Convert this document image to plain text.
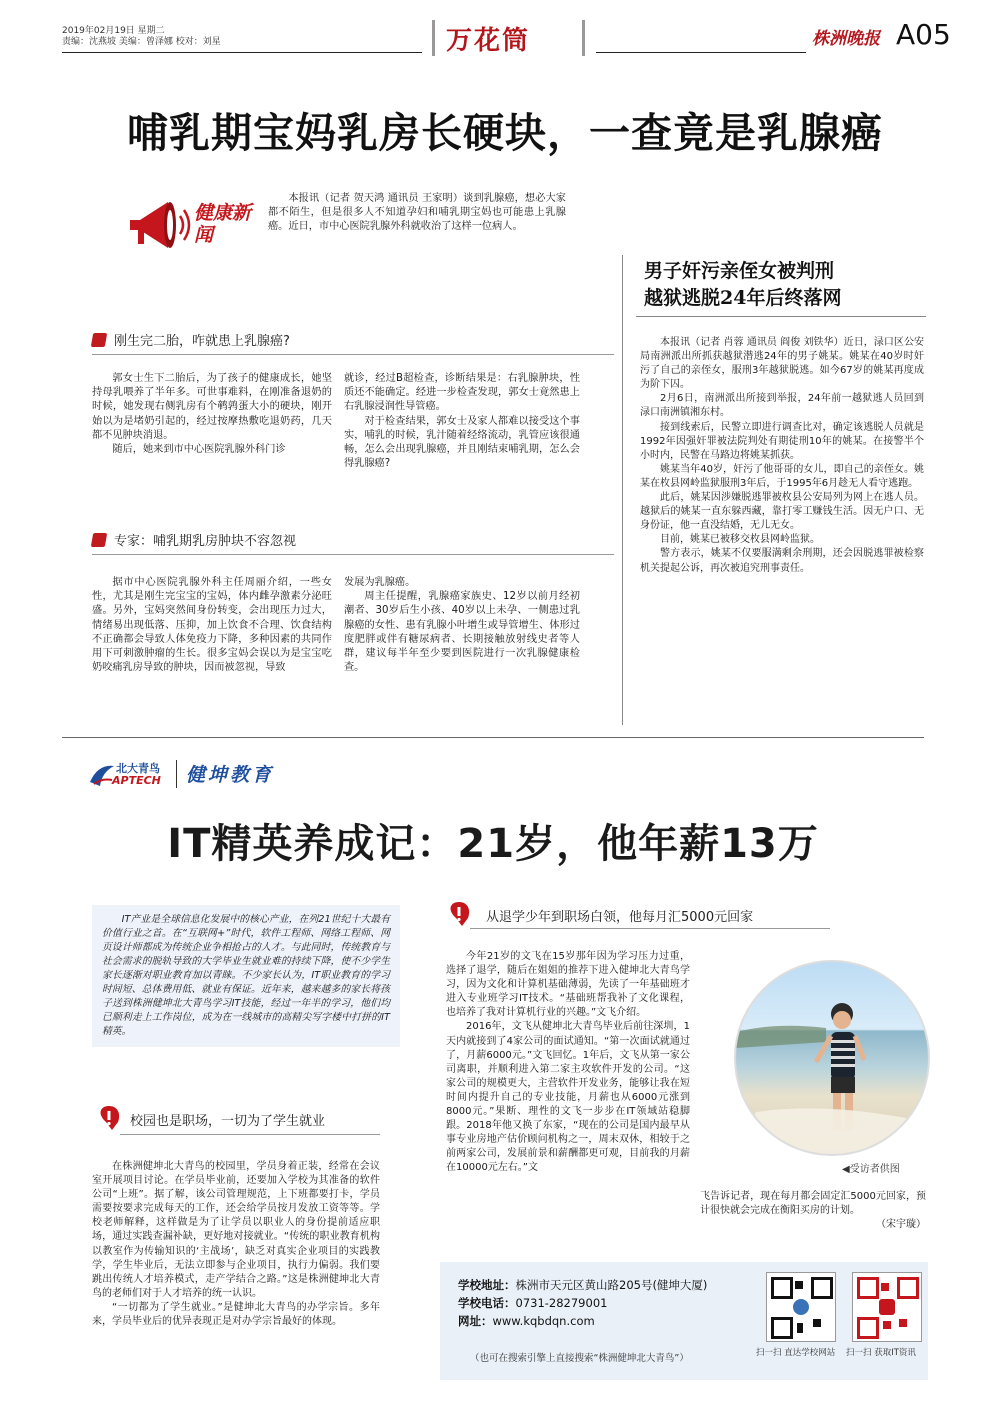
2019年02月19日 星期二
责编：沈燕坡 美编：曾泽娜 校对：刘星	万花筒	株洲晚报 A05
哺乳期宝妈乳房长硬块，一查竟是乳腺癌
健康新闻

本报讯（记者 贺天鸿 通讯员 王家明）谈到乳腺癌，想必大家都不陌生，但是很多人不知道孕妇和哺乳期宝妈也可能患上乳腺癌。近日，市中心医院乳腺外科就收治了这样一位病人。

刚生完二胎，咋就患上乳腺癌?

郭女士生下二胎后，为了孩子的健康成长，她坚持母乳喂养了半年多。可世事难料，在刚准备退奶的时候，她发现右侧乳房有个鹌鹑蛋大小的硬块，刚开始以为是堵奶引起的，经过按摩热敷吃退奶药，几天都不见肿块消退。

随后，她来到市中心医院乳腺外科门诊

就诊，经过B超检查，诊断结果是：右乳腺肿块，性质还不能确定。经进一步检查发现，郭女士竟然患上右乳腺浸润性导管癌。

对于检查结果，郭女士及家人都难以接受这个事实，哺乳的时候，乳汁随着经络流动，乳管应该很通畅，怎么会出现乳腺癌，并且刚结束哺乳期，怎么会得乳腺癌?

专家：哺乳期乳房肿块不容忽视

据市中心医院乳腺外科主任周丽介绍，一些女性，尤其是刚生完宝宝的宝妈，体内雌孕激素分泌旺盛。另外，宝妈突然间身份转变，会出现压力过大，情绪易出现低落、压抑，加上饮食不合理、饮食结构不正确都会导致人体免疫力下降，多种因素的共同作用下可刺激肿瘤的生长。很多宝妈会误以为是宝宝吃奶咬痛乳房导致的肿块，因而被忽视，导致

发展为乳腺癌。

周主任提醒，乳腺癌家族史、12岁以前月经初潮者、30岁后生小孩、40岁以上未孕、一侧患过乳腺癌的女性、患有乳腺小叶增生或导管增生、体形过度肥胖或伴有糖尿病者、长期接触放射线史者等人群，建议每半年至少要到医院进行一次乳腺健康检查。

男子奸污亲侄女被判刑
越狱逃脱24年后终落网

本报讯（记者 肖蓉 通讯员 阎俊 刘铁华）近日，渌口区公安局南洲派出所抓获越狱潜逃24年的男子姚某。姚某在40岁时奸污了自己的亲侄女，服刑3年越狱脱逃。如今67岁的姚某再度成为阶下囚。

2月6日，南洲派出所接到举报，24年前一越狱逃人员回到渌口南洲镇湘东村。

接到线索后，民警立即进行调查比对，确定该逃脱人员就是1992年因强奸罪被法院判处有期徒刑10年的姚某。在接警半个小时内，民警在马路边将姚某抓获。

姚某当年40岁，奸污了他哥哥的女儿，即自己的亲侄女。姚某在枚县网岭监狱服刑3年后，于1995年6月趁无人看守逃跑。

此后，姚某因涉嫌脱逃罪被枚县公安局列为网上在逃人员。越狱后的姚某一直东躲西藏，靠打零工赚钱生活。因无户口、无身份证，他一直没结婚，无儿无女。

目前，姚某已被移交枚县网岭监狱。

警方表示，姚某不仅要服满剩余刑期，还会因脱逃罪被检察机关提起公诉，再次被追究刑事责任。

北大青鸟
APTECH 健坤教育
IT精英养成记：21岁，他年薪13万

IT产业是全球信息化发展中的核心产业，在列21世纪十大最有价值行业之首。在“互联网+”时代，软件工程师、网络工程师、网页设计师都成为传统企业争相抢占的人才。与此同时，传统教育与社会需求的脱轨导致的大学毕业生就业难的持续下降，使不少学生家长逐渐对职业教育加以青睐。不少家长认为，IT职业教育的学习时间短、总体费用低、就业有保证。近年来，越来越多的家长将孩子送到株洲健坤北大青鸟学习IT技能，经过一年半的学习，他们均已顺利走上工作岗位，成为在一线城市的高精尖写字楼中打拼的IT精英。

校园也是职场，一切为了学生就业

在株洲健坤北大青鸟的校园里，学员身着正装，经常在会议室开展项目讨论。在学员毕业前，还要加入学校为其准备的软件公司“上班”。据了解，该公司管理规范，上下班都要打卡，学员需要按要求完成每天的工作，还会给学员按月发放工资等等。学校老师解释，这样做是为了让学员以职业人的身份提前适应职场，通过实践查漏补缺，更好地对接就业。“传统的职业教育机构以教室作为传输知识的‘主战场’，缺乏对真实企业项目的实践教学，学生毕业后，无法立即参与企业项目，执行力偏弱。我们要跳出传统人才培养模式，走产学结合之路。”这是株洲健坤北大青鸟的老师们对于人才培养的统一认识。

“一切都为了学生就业。”是健坤北大青鸟的办学宗旨。多年来，学员毕业后的优异表现正是对办学宗旨最好的体现。

从退学少年到职场白领，他每月汇5000元回家

今年21岁的文飞在15岁那年因为学习压力过重，选择了退学，随后在姐姐的推荐下进入健坤北大青鸟学习，因为文化和计算机基础薄弱，先读了一年基础班才进入专业班学习IT技术。“基础班帮我补了文化课程，也培养了我对计算机行业的兴趣。”文飞介绍。

2016年，文飞从健坤北大青鸟毕业后前往深圳，1天内就接到了4家公司的面试通知。“第一次面试就通过了，月薪6000元。”文飞回忆。1年后，文飞从第一家公司离职，并顺利进入第二家主攻软件开发的公司。“这家公司的规模更大，主营软件开发业务，能够让我在短时间内提升自己的专业技能，月薪也从6000元涨到8000元。”果断、理性的文飞一步步在IT领域站稳脚跟。2018年他又换了东家，“现在的公司是国内最早从事专业房地产估价顾问机构之一，周末双休，相较于之前两家公司，发展前景和薪酬都更可观，目前我的月薪在10000元左右。”文	◀受访者供图

飞告诉记者，现在每月都会固定汇5000元回家，预计很快就会完成在衡阳买房的计划。

（宋宇璇）
学校地址：株洲市天元区黄山路205号(健坤大厦)
学校电话：0731-28279001
网址：www.kqbdqn.com
（也可在搜索引擎上直接搜索“株洲健坤北大青鸟”）	扫一扫 直达学校网站 扫一扫 获取IT资讯
